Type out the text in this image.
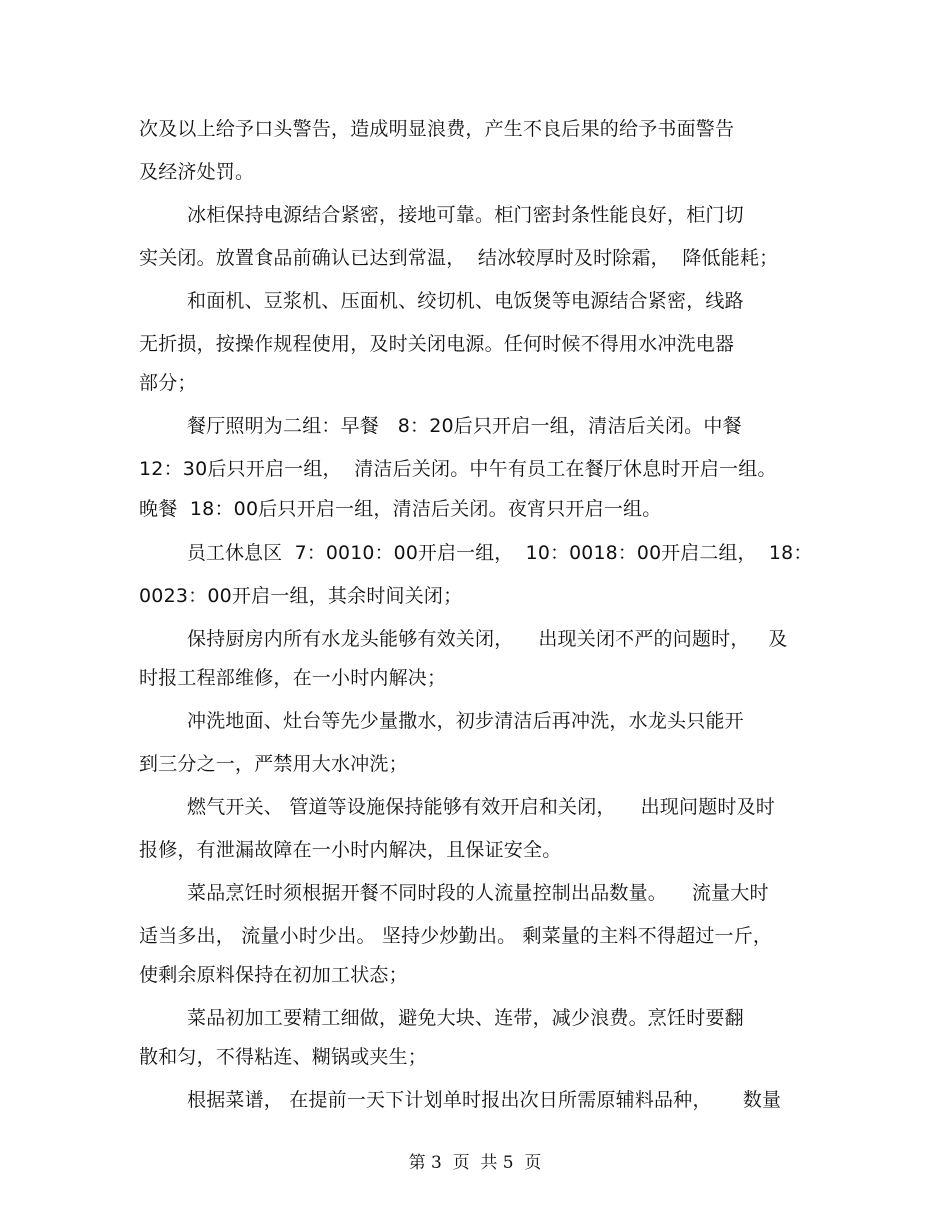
次及以上给予口头警告，造成明显浪费，产生不良后果的给予书面警告
及经济处罚。
冰柜保持电源结合紧密，接地可靠。柜门密封条性能良好，柜门切
实关闭。放置食品前确认已达到常温，  结冰较厚时及时除霜，  降低能耗；
和面机、豆浆机、压面机、绞切机、电饭煲等电源结合紧密，线路
无折损，按操作规程使用，及时关闭电源。任何时候不得用水冲洗电器
部分；
餐厅照明为二组：早餐   8：20后只开启一组，清洁后关闭。中餐
12：30后只开启一组，  清洁后关闭。中午有员工在餐厅休息时开启一组。
晚餐  18：00后只开启一组，清洁后关闭。夜宵只开启一组。
员工休息区  7：0010：00开启一组，  10：0018：00开启二组，  18：
0023：00开启一组，其余时间关闭；
保持厨房内所有水龙头能够有效关闭，    出现关闭不严的问题时，   及
时报工程部维修，在一小时内解决；
冲洗地面、灶台等先少量撒水，初步清洁后再冲洗，水龙头只能开
到三分之一，严禁用大水冲洗；
燃气开关、 管道等设施保持能够有效开启和关闭，    出现问题时及时
报修，有泄漏故障在一小时内解决，且保证安全。
菜品烹饪时须根据开餐不同时段的人流量控制出品数量。    流量大时
适当多出， 流量小时少出。 坚持少炒勤出。 剩菜量的主料不得超过一斤，
使剩余原料保持在初加工状态；
菜品初加工要精工细做，避免大块、连带，减少浪费。烹饪时要翻
散和匀，不得粘连、糊锅或夹生；
根据菜谱， 在提前一天下计划单时报出次日所需原辅料品种，     数量
第 3  页  共 5  页
